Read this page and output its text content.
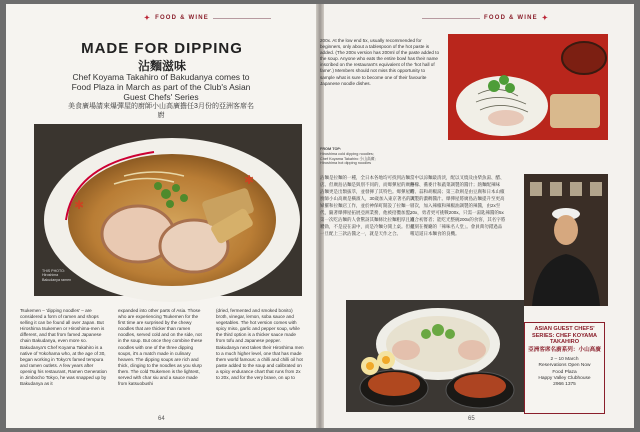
✦ FOOD & WINE
MADE FOR DIPPING
沾麵滋味
Chef Koyama Takahiro of Bakudanya comes to Food Plaza in March as part of the Club's Asian Guest Chefs' Series
美食廣場請來爆彈屋的廚師小山高廣擔任3月份的亞洲客席名廚
✱
✱
THIS PHOTO:
Hiroshima
Bakudanya ramen
Tsukemen – 'dipping noodles' – are considered a form of ramen and shops selling it can be found all over Japan. But Hiroshima tsukemen or Hiroshima-men is different, and that from famed Japanese chain Bakudanya, even more so. Bakudanya's Chef Koyama Takahiro is a native of Yokohama who, at the age of 30, began working in Tokyo's famed tempura and ramen outlets. A few years after opening his restaurant, Ramen Generation in Jimbocho Tokyo, he was snapped up by Bakudanya as it
expanded into other parts of Asia. Those who are experiencing Tsukemen for the first time are surprised by the chewy noodles that are thicker than ramen noodles, served cold and on the side, not in the soup. But once they combine these noodles with one of the three dipping soups, it's a match made in culinary heaven. The dipping soups are rich and thick, clinging to the noodles as you slurp them. The cold Tsukemen is the lightest, served with char siu and a sauce made from katsuobushi
(dried, fermented and smoked bonito) broth, vinegar, lemon, soba sauce and vegetables. The hot version comes with spicy miso, garlic and pepper soup, while the third option is a thicker sauce made from tofu and Japanese pepper. Bakudanya next takes their Hiroshima men to a much higher level, one that has made them world famous: a chilli and chilli oil hot paste added to the soup and calibrated on a spicy endurance chart that runs from 2x to 20x, and for the very brave, on up to
64
FOOD & WINE ✦
200x. At the low end 5x, usually recommended for beginners, only about a tablespoon of the hot paste is added. (The 200x version has 200ml of the paste added to the soup. Anyone who eats the entire bowl has their name inscribed on the restaurant's equivalent of the 'hot hall of fame'.) Members should not miss this opportunity to sample what is sure to become one of their favourite Japanese noodle dishes.
FROM TOP:
Hiroshima cold dipping noodles;
Chef Koyama Takahiro 小山高廣;
Hiroshima hot dipping noodles
沾麵是拉麵的一種，全日本各地均可找到沾麵店。但廣島沾麵是與別不同的，而爆彈屋的廣島沾麵更是出類拔萃，並發揮了其特色。爆彈屋的廚師小山高廣是橫濱人，30歲加入東京著名的天婦羅和拉麵店工作，並於神保町開設了拉麵一代，隨著爆彈屋拓展亞洲業務，他被招攬加盟。第一次吃沾麵的人會驚訝其麵條比拉麵粗厚且富嚼勁，不是浸在湯中，而是冷麵分開上桌。但是一旦配上三款沾醬之一，就是天作之合。
當中以涼麵最清淡，配以叉燒及由柴魚湯、醋、檸檬、蕎麥汁和蔬菜調製的醬汁；熱麵配辣味噌、蒜和胡椒湯；第三款則是由豆腐和日本山椒調製的濃稠醬汁。爆彈屋將廣島沾麵提升至更高層次，加入辣椒和辣椒油調製的辣醬，由2x至20x，勇者更可挑戰200x。只需一湯匙辣醬的5x適合初嘗者；能吃光整碗200x的食客，其名字將被刻在餐廳的「辣味名人堂」。會員萬勿錯過品嚐這道日本麵食的良機。
65
ASIAN GUEST CHEFS' SERIES: CHEF KOYAMA TAKAHIRO
亞洲客席名廚系列：小山高廣
2 – 10 March
Reservations Open Now
Food Plaza
Happy Valley Clubhouse
2966 1375
